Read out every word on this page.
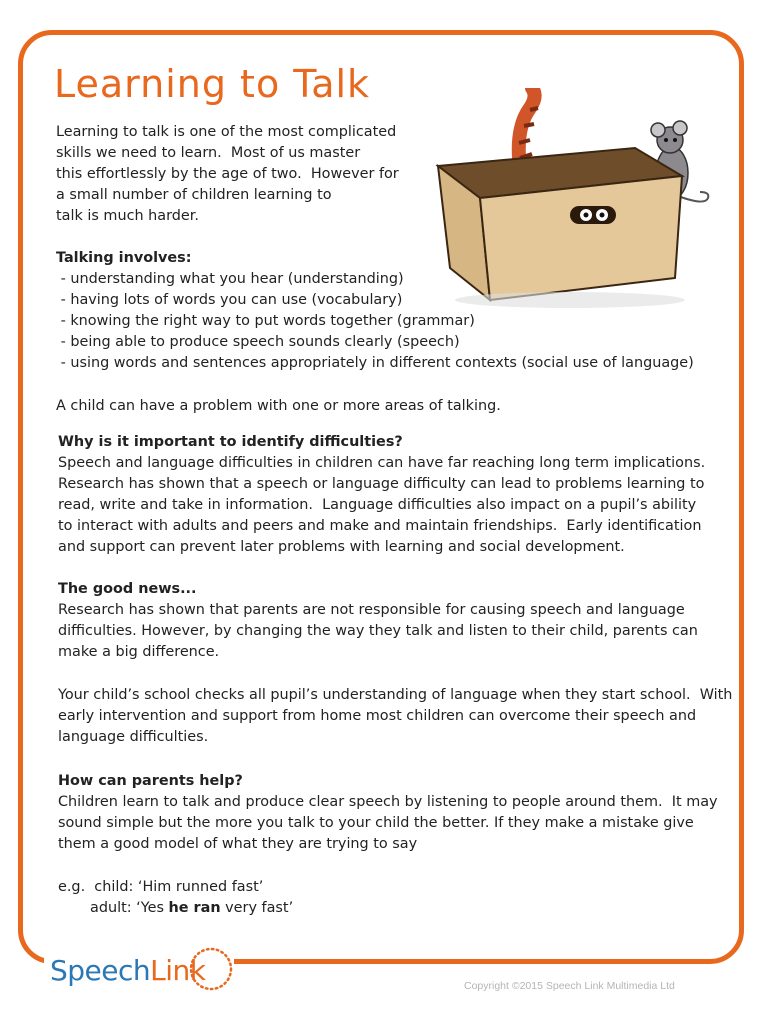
Learning to Talk
Learning to talk is one of the most complicated
skills we need to learn.  Most of us master
this effortlessly by the age of two.  However for
a small number of children learning to
talk is much harder.
Talking involves:
- understanding what you hear (understanding)
- having lots of words you can use (vocabulary)
- knowing the right way to put words together (grammar)
- being able to produce speech sounds clearly (speech)
- using words and sentences appropriately in different contexts (social use of language)
A child can have a problem with one or more areas of talking.
Why is it important to identify difficulties?
Speech and language difficulties in children can have far reaching long term implications.
Research has shown that a speech or language difficulty can lead to problems learning to
read, write and take in information.  Language difficulties also impact on a pupil’s ability
to interact with adults and peers and make and maintain friendships.  Early identification
and support can prevent later problems with learning and social development.
The good news...
Research has shown that parents are not responsible for causing speech and language
difficulties. However, by changing the way they talk and listen to their child, parents can
make a big difference.
Your child’s school checks all pupil’s understanding of language when they start school.  With
early intervention and support from home most children can overcome their speech and
language difficulties.
How can parents help?
Children learn to talk and produce clear speech by listening to people around them.  It may
sound simple but the more you talk to your child the better. If they make a mistake give
them a good model of what they are trying to say
e.g.  child: ‘Him runned fast’
adult: ‘Yes he ran very fast’
Speech Link	Copyright ©2015 Speech Link Multimedia Ltd
